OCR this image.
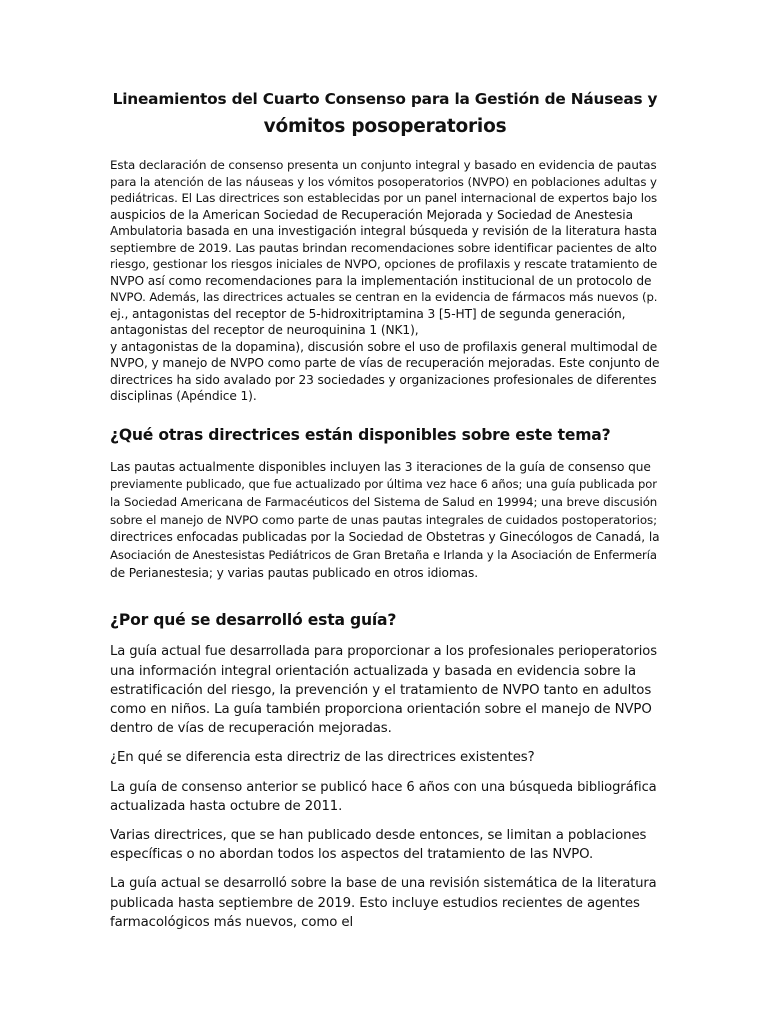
Lineamientos del Cuarto Consenso para la Gestión de Náuseas y
vómitos posoperatorios

Esta declaración de consenso presenta un conjunto integral y basado en evidencia de pautas
para la atención de las náuseas y los vómitos posoperatorios (NVPO) en poblaciones adultas y
pediátricas. El Las directrices son establecidas por un panel internacional de expertos bajo los
auspicios de la American Sociedad de Recuperación Mejorada y Sociedad de Anestesia
Ambulatoria basada en una investigación integral búsqueda y revisión de la literatura hasta
septiembre de 2019. Las pautas brindan recomendaciones sobre identificar pacientes de alto
riesgo, gestionar los riesgos iniciales de NVPO, opciones de profilaxis y rescate tratamiento de
NVPO así como recomendaciones para la implementación institucional de un protocolo de
NVPO. Además, las directrices actuales se centran en la evidencia de fármacos más nuevos (p.
ej., antagonistas del receptor de 5-hidroxitriptamina 3 [5-HT] de segunda generación,
antagonistas del receptor de neuroquinina 1 (NK1),
y antagonistas de la dopamina), discusión sobre el uso de profilaxis general multimodal de
NVPO, y manejo de NVPO como parte de vías de recuperación mejoradas. Este conjunto de
directrices ha sido avalado por 23 sociedades y organizaciones profesionales de diferentes
disciplinas (Apéndice 1).

¿Qué otras directrices están disponibles sobre este tema?

Las pautas actualmente disponibles incluyen las 3 iteraciones de la guía de consenso que
previamente publicado, que fue actualizado por última vez hace 6 años; una guía publicada por
la Sociedad Americana de Farmacéuticos del Sistema de Salud en 19994; una breve discusión
sobre el manejo de NVPO como parte de unas pautas integrales de cuidados postoperatorios;
directrices enfocadas publicadas por la Sociedad de Obstetras y Ginecólogos de Canadá, la
Asociación de Anestesistas Pediátricos de Gran Bretaña e Irlanda y la Asociación de Enfermería
de Perianestesia; y varias pautas publicado en otros idiomas.

¿Por qué se desarrolló esta guía?

La guía actual fue desarrollada para proporcionar a los profesionales perioperatorios
una información integral orientación actualizada y basada en evidencia sobre la
estratificación del riesgo, la prevención y el tratamiento de NVPO tanto en adultos
como en niños. La guía también proporciona orientación sobre el manejo de NVPO
dentro de vías de recuperación mejoradas.

¿En qué se diferencia esta directriz de las directrices existentes?

La guía de consenso anterior se publicó hace 6 años con una búsqueda bibliográfica
actualizada hasta octubre de 2011.

Varias directrices, que se han publicado desde entonces, se limitan a poblaciones
específicas o no abordan todos los aspectos del tratamiento de las NVPO.

La guía actual se desarrolló sobre la base de una revisión sistemática de la literatura
publicada hasta septiembre de 2019. Esto incluye estudios recientes de agentes
farmacológicos más nuevos, como el
